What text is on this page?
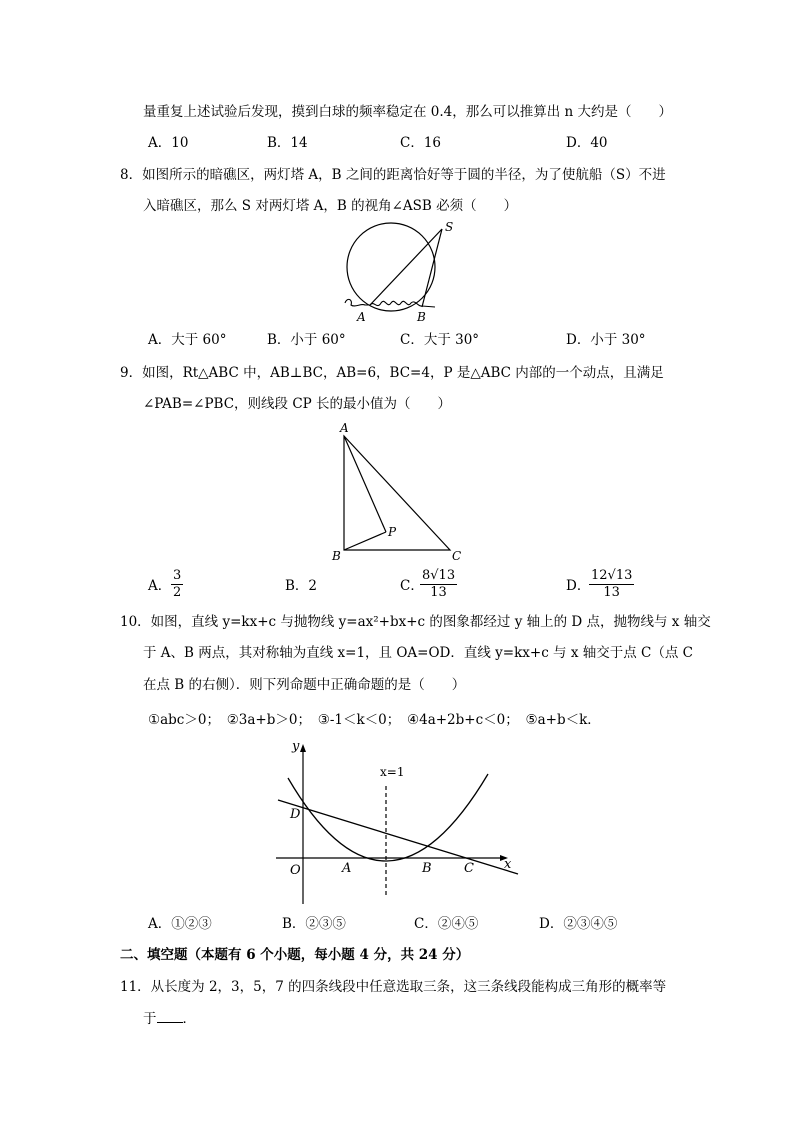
量重复上述试验后发现，摸到白球的频率稳定在 0.4，那么可以推算出 n 大约是（　　）
A．10	B．14	C．16	D．40
8．如图所示的暗礁区，两灯塔 A，B 之间的距离恰好等于圆的半径，为了使航船（S）不进
入暗礁区，那么 S 对两灯塔 A，B 的视角∠ASB 必须（　　）
S
A	B
A．大于 60°	B．小于 60°	C．大于 30°	D．小于 30°
9．如图，Rt△ABC 中，AB⊥BC，AB=6，BC=4，P 是△ABC 内部的一个动点，且满足
∠PAB=∠PBC，则线段 CP 长的最小值为（　　）
A
B	C
P
A． $\frac{3}{2}$	B．2	C．
$\frac{8√13}{13}$	D．
$\frac{12√13}{13}$
10．如图，直线 y=kx+c 与抛物线 y=ax²+bx+c 的图象都经过 y 轴上的 D 点，抛物线与 x 轴交
于 A、B 两点，其对称轴为直线 x=1，且 OA=OD．直线 y=kx+c 与 x 轴交于点 C（点 C
在点 B 的右侧）．则下列命题中正确命题的是（　　）
①abc＞0；　②3a+b＞0；　③-1＜k＜0；　④4a+2b+c＜0；　⑤a+b＜k．
y
x
x=1
D
O	A	B C
A．①②③	B．②③⑤	C．②④⑤	D．②③④⑤
二、填空题（本题有 6 个小题，每小题 4 分，共 24 分）
11．从长度为 2，3，5，7 的四条线段中任意选取三条，这三条线段能构成三角形的概率等
于 ．
